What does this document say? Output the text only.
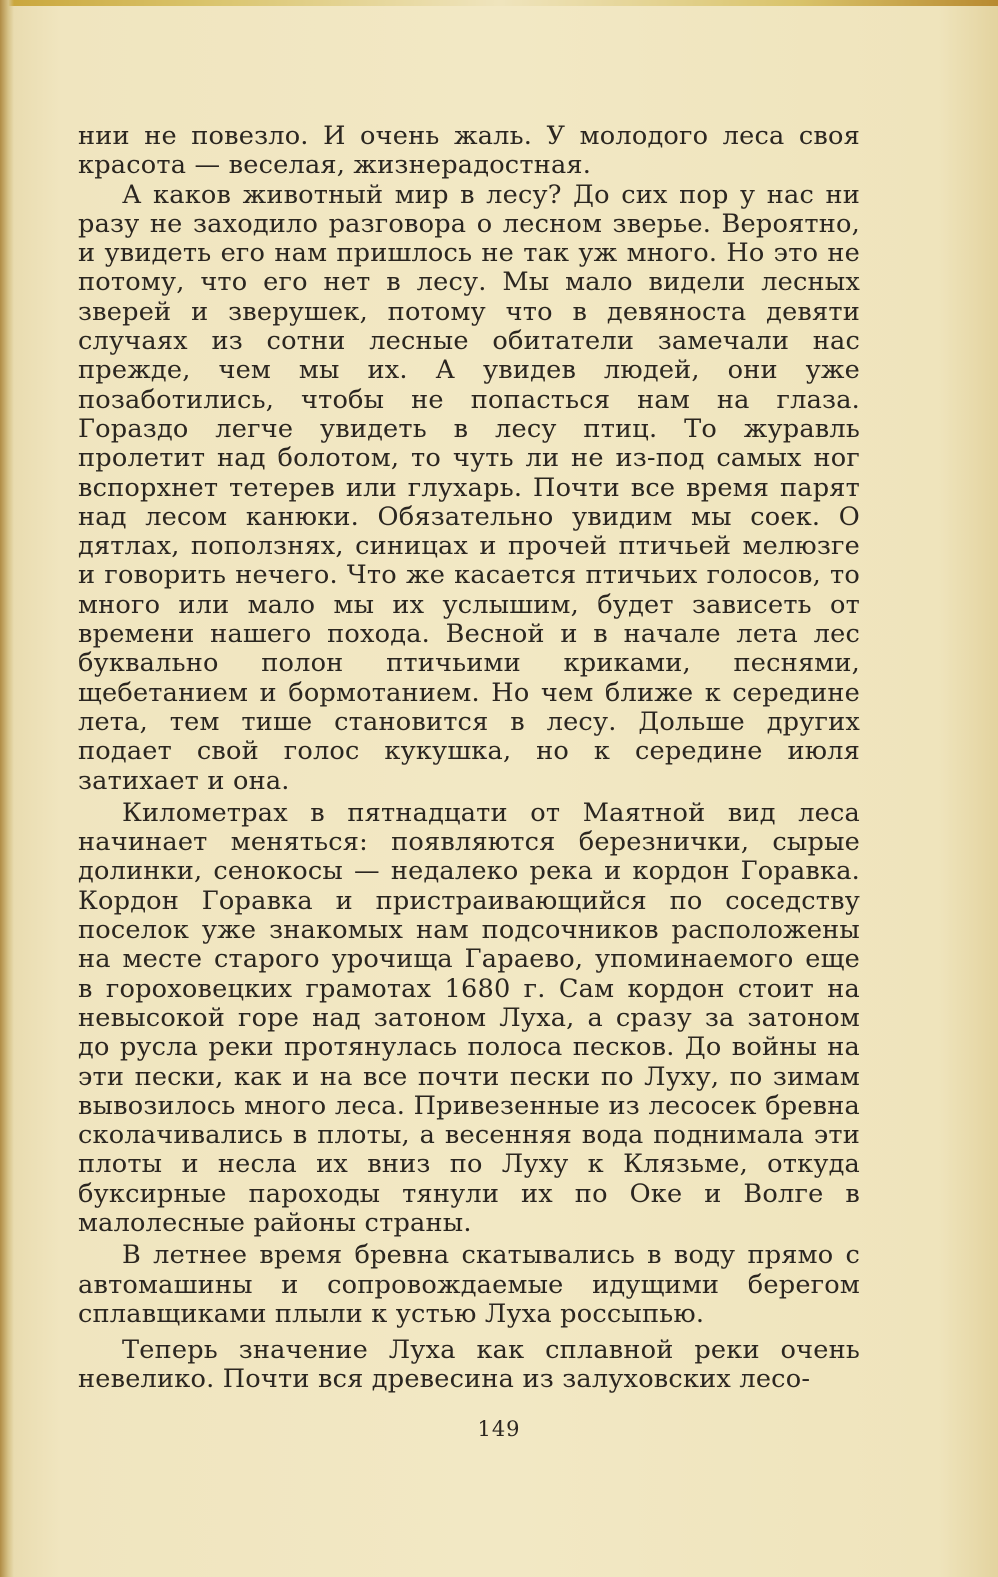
нии не повезло. И очень жаль. У молодого леса своя красота — веселая, жизнерадостная.

А каков животный мир в лесу? До сих пор у нас ни разу не заходило разговора о лесном зверье. Вероятно, и увидеть его нам пришлось не так уж много. Но это не потому, что его нет в лесу. Мы мало видели лесных зверей и зверушек, потому что в девяноста девяти случаях из сотни лесные обитатели замечали нас прежде, чем мы их. А увидев людей, они уже позаботились, чтобы не попасться нам на глаза. Гораздо легче увидеть в лесу птиц. То журавль пролетит над болотом, то чуть ли не из-под самых ног вспорхнет тетерев или глухарь. Почти все время парят над лесом канюки. Обязательно увидим мы соек. О дятлах, поползнях, синицах и прочей птичьей мелюзге и говорить нечего. Что же касается птичьих голосов, то много или мало мы их услышим, будет зависеть от времени нашего похода. Весной и в начале лета лес буквально полон птичьими криками, песнями, щебетанием и бормотанием. Но чем ближе к середине лета, тем тише становится в лесу. Дольше других подает свой голос кукушка, но к середине июля затихает и она.

Километрах в пятнадцати от Маятной вид леса начинает меняться: появляются березнички, сырые долинки, сенокосы — недалеко река и кордон Горавка. Кордон Горавка и пристраивающийся по соседству поселок уже знакомых нам подсочников расположены на месте старого урочища Гараево, упоминаемого еще в гороховецких грамотах 1680 г. Сам кордон стоит на невысокой горе над затоном Луха, а сразу за затоном до русла реки протянулась полоса песков. До войны на эти пески, как и на все почти пески по Луху, по зимам вывозилось много леса. Привезенные из лесосек бревна сколачивались в плоты, а весенняя вода поднимала эти плоты и несла их вниз по Луху к Клязьме, откуда буксирные пароходы тянули их по Оке и Волге в малолесные районы страны.

В летнее время бревна скатывались в воду прямо с автомашины и сопровождаемые идущими берегом сплавщиками плыли к устью Луха россыпью.

Теперь значение Луха как сплавной реки очень невелико. Почти вся древесина из залуховских лесо-

149
